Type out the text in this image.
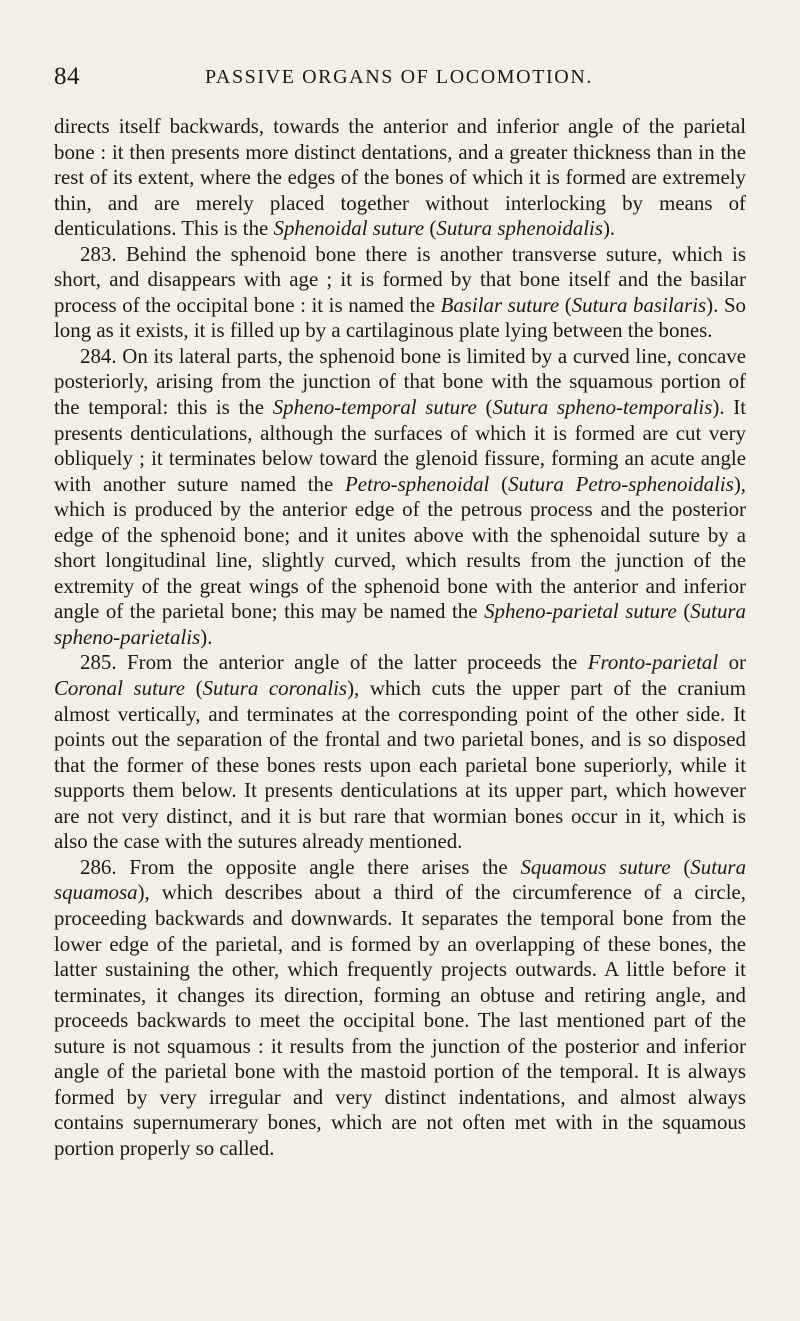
84	PASSIVE ORGANS OF LOCOMOTION.

directs itself backwards, towards the anterior and inferior angle of the parietal bone : it then presents more distinct dentations, and a greater thickness than in the rest of its extent, where the edges of the bones of which it is formed are extremely thin, and are merely placed together without interlocking by means of denticulations. This is the Sphenoidal suture (Sutura sphenoidalis).

283. Behind the sphenoid bone there is another transverse suture, which is short, and disappears with age ; it is formed by that bone itself and the basilar process of the occipital bone : it is named the Basilar suture (Sutura basilaris). So long as it exists, it is filled up by a cartilaginous plate lying between the bones.

284. On its lateral parts, the sphenoid bone is limited by a curved line, concave posteriorly, arising from the junction of that bone with the squamous portion of the temporal: this is the Spheno-temporal suture (Sutura spheno-temporalis). It presents denticulations, although the surfaces of which it is formed are cut very obliquely ; it terminates below toward the glenoid fissure, forming an acute angle with another suture named the Petro-sphenoidal (Sutura Petro-sphenoidalis), which is produced by the anterior edge of the petrous process and the posterior edge of the sphenoid bone; and it unites above with the sphenoidal suture by a short longitudinal line, slightly curved, which results from the junction of the extremity of the great wings of the sphenoid bone with the anterior and inferior angle of the parietal bone; this may be named the Spheno-parietal suture (Sutura spheno-parietalis).

285. From the anterior angle of the latter proceeds the Fronto-parietal or Coronal suture (Sutura coronalis), which cuts the upper part of the cranium almost vertically, and terminates at the corresponding point of the other side. It points out the separation of the frontal and two parietal bones, and is so disposed that the former of these bones rests upon each parietal bone superiorly, while it supports them below. It presents denticulations at its upper part, which however are not very distinct, and it is but rare that wormian bones occur in it, which is also the case with the sutures already mentioned.

286. From the opposite angle there arises the Squamous suture (Sutura squamosa), which describes about a third of the circumference of a circle, proceeding backwards and downwards. It separates the temporal bone from the lower edge of the parietal, and is formed by an overlapping of these bones, the latter sustaining the other, which frequently projects outwards. A little before it terminates, it changes its direction, forming an obtuse and retiring angle, and proceeds backwards to meet the occipital bone. The last mentioned part of the suture is not squamous : it results from the junction of the posterior and inferior angle of the parietal bone with the mastoid portion of the temporal. It is always formed by very irregular and very distinct indentations, and almost always contains supernumerary bones, which are not often met with in the squamous portion properly so called.
